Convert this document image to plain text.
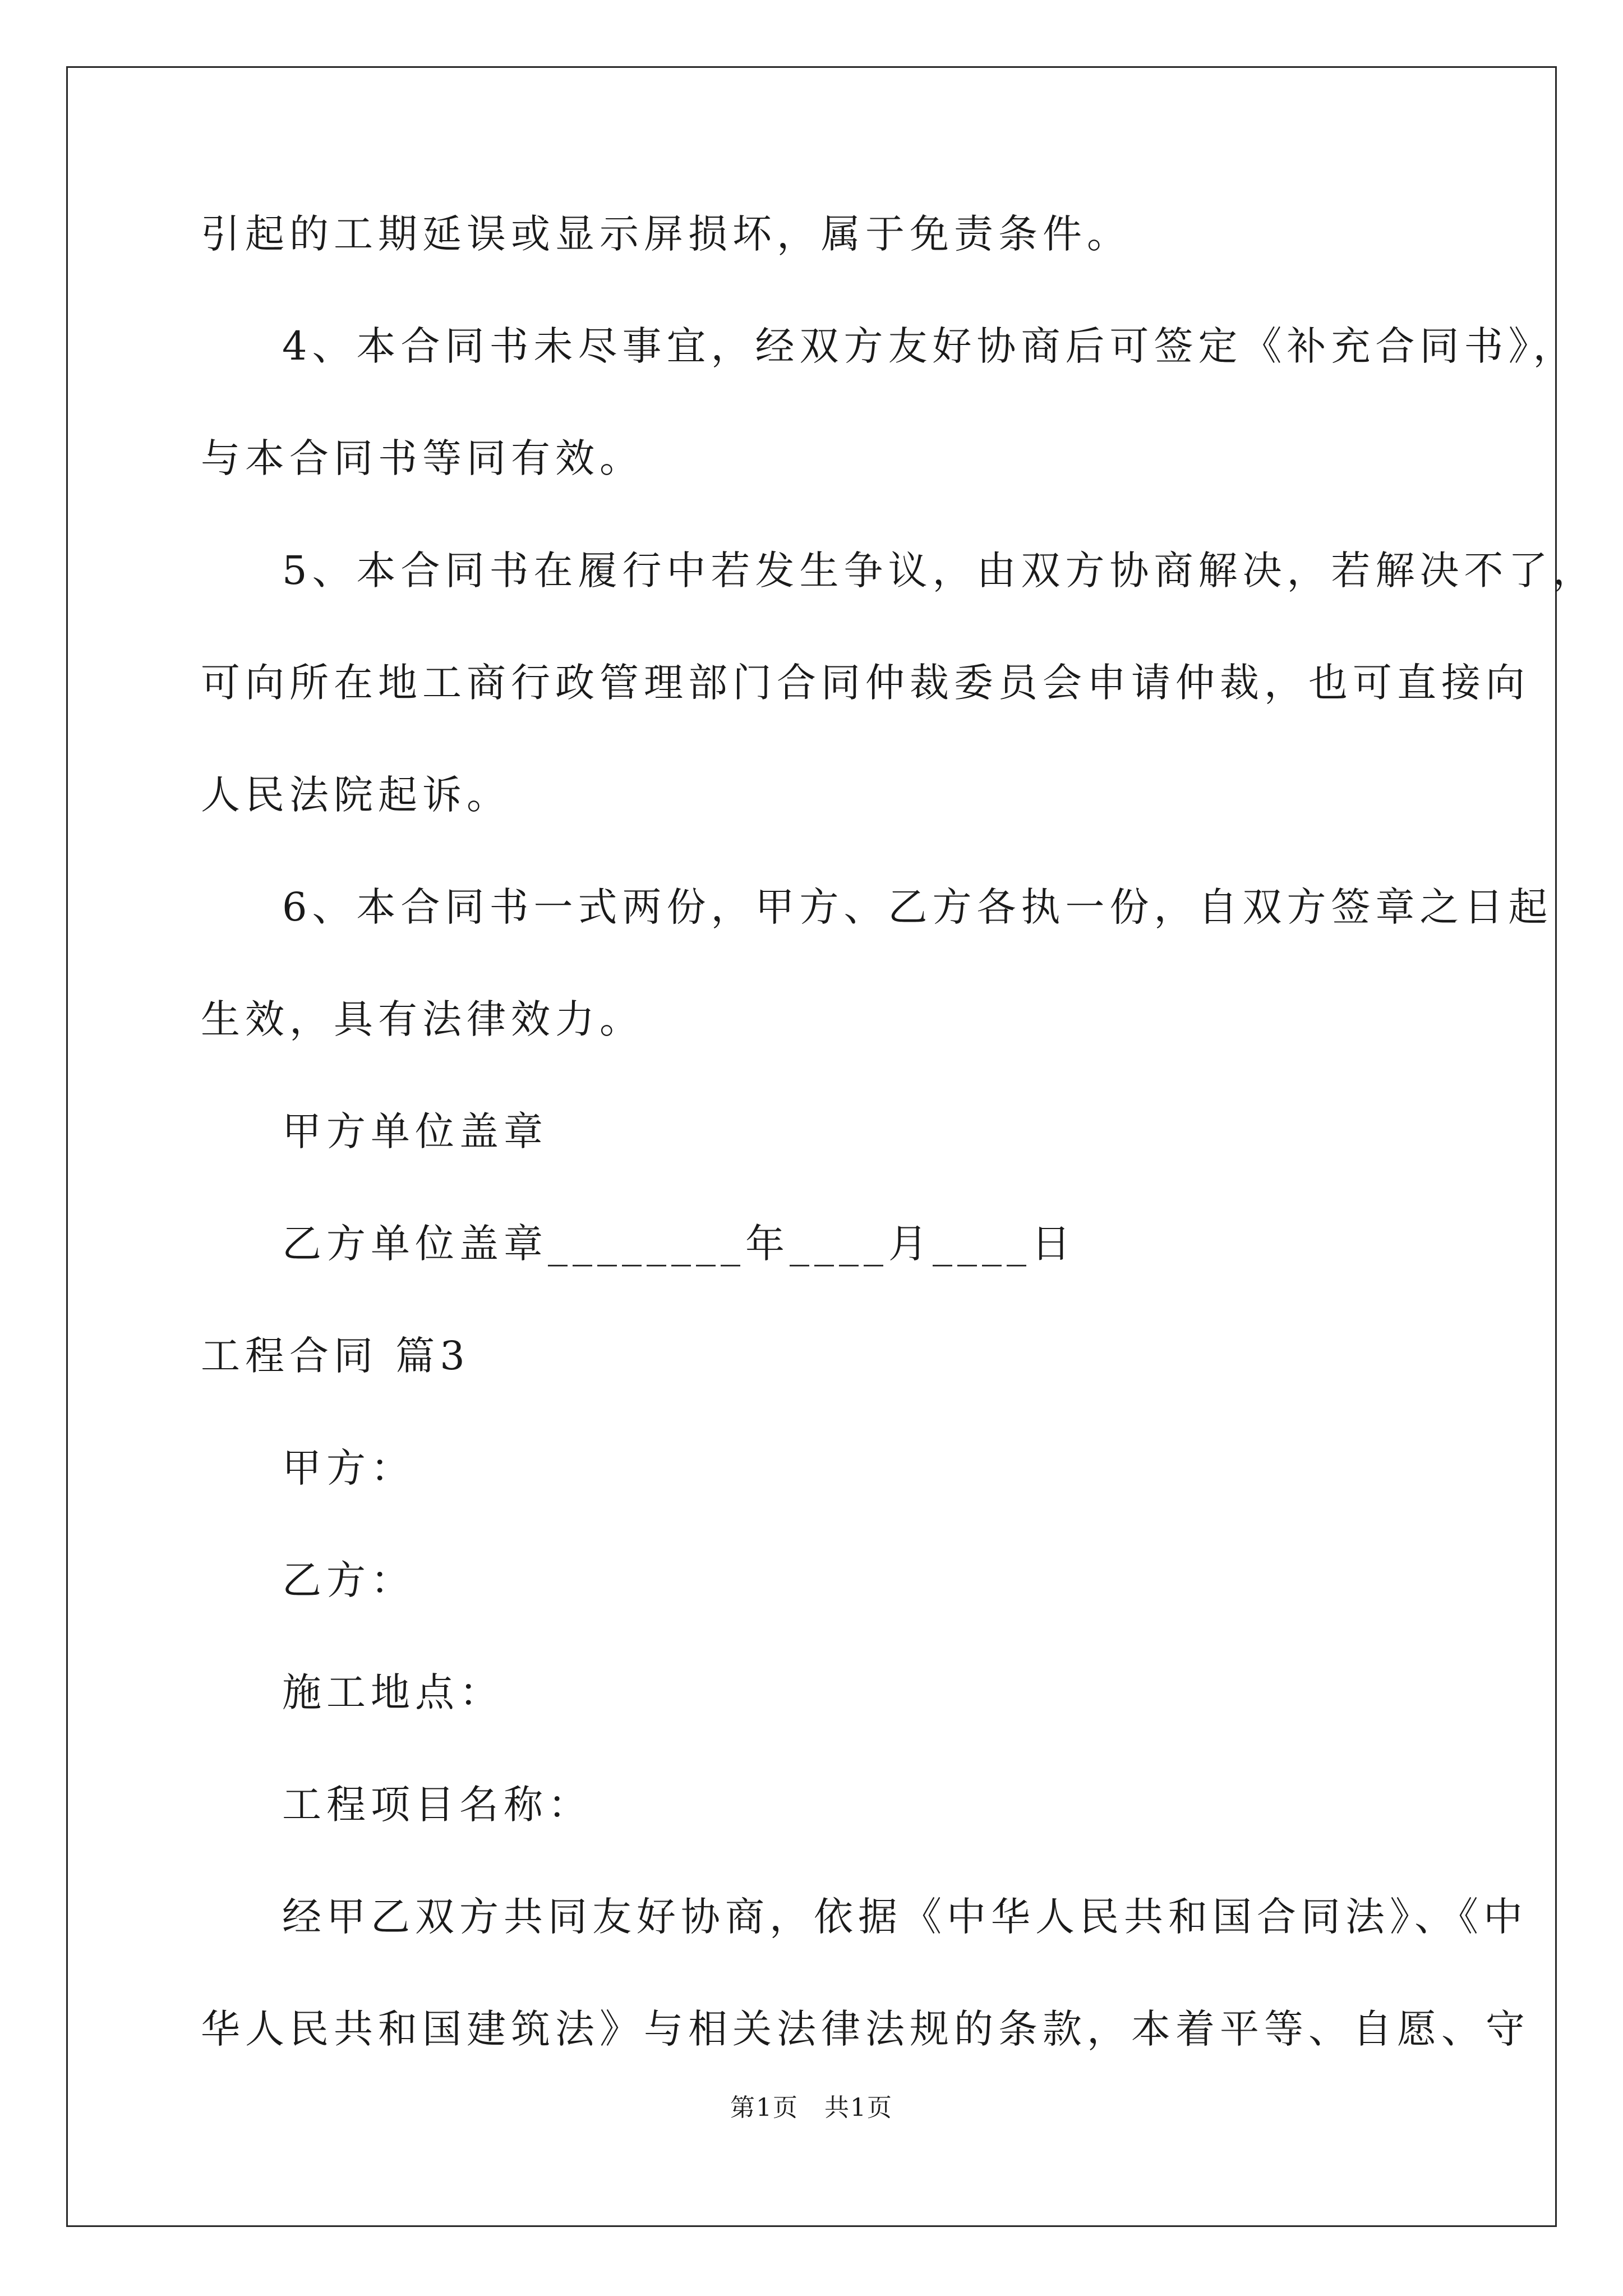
引起的工期延误或显示屏损坏，属于免责条件。
4、本合同书未尽事宜，经双方友好协商后可签定《补充合同书》，
与本合同书等同有效。
5、本合同书在履行中若发生争议，由双方协商解决，若解决不了，
可向所在地工商行政管理部门合同仲裁委员会申请仲裁，也可直接向
人民法院起诉。
6、本合同书一式两份，甲方、乙方各执一份，自双方签章之日起
生效，具有法律效力。
甲方单位盖章
乙方单位盖章________年____月____日
工程合同 篇3
甲方：
乙方：
施工地点：
工程项目名称：
经甲乙双方共同友好协商，依据《中华人民共和国合同法》、《中
华人民共和国建筑法》与相关法律法规的条款，本着平等、自愿、守
第1页　共1页
